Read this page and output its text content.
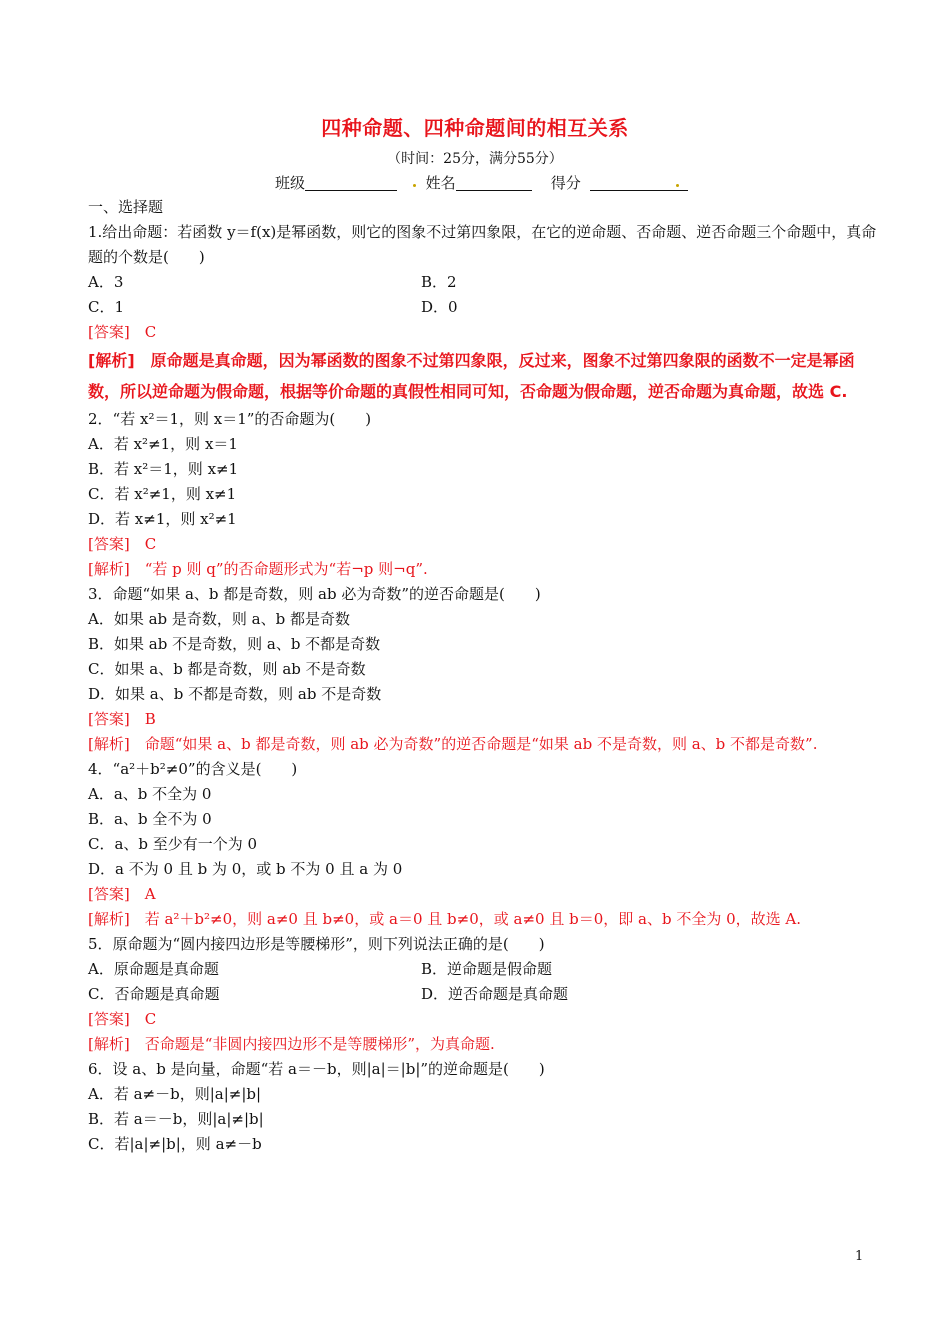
四种命题、四种命题间的相互关系
（时间：25分，满分55分）
班级	姓名	得分
一、选择题
1.给出命题：若函数 y＝f(x)是幂函数，则它的图象不过第四象限，在它的逆命题、否命题、逆否命题三个命题中，真命题的个数是(　　)
A．3	B．2
C．1	D．0
[答案]　C
[解析]　原命题是真命题，因为幂函数的图象不过第四象限，反过来，图象不过第四象限的函数不一定是幂函数，所以逆命题为假命题，根据等价命题的真假性相同可知，否命题为假命题，逆否命题为真命题，故选 C.
2．“若 x²＝1，则 x＝1”的否命题为(　　)
A．若 x²≠1，则 x＝1
B．若 x²＝1，则 x≠1
C．若 x²≠1，则 x≠1
D．若 x≠1，则 x²≠1
[答案]　C
[解析]　“若 p 则 q”的否命题形式为“若¬p 则¬q”.
3．命题“如果 a、b 都是奇数，则 ab 必为奇数”的逆否命题是(　　)
A．如果 ab 是奇数，则 a、b 都是奇数
B．如果 ab 不是奇数，则 a、b 不都是奇数
C．如果 a、b 都是奇数，则 ab 不是奇数
D．如果 a、b 不都是奇数，则 ab 不是奇数
[答案]　B
[解析]　命题“如果 a、b 都是奇数，则 ab 必为奇数”的逆否命题是“如果 ab 不是奇数，则 a、b 不都是奇数”.
4．“a²＋b²≠0”的含义是(　　)
A．a、b 不全为 0
B．a、b 全不为 0
C．a、b 至少有一个为 0
D．a 不为 0 且 b 为 0，或 b 不为 0 且 a 为 0
[答案]　A
[解析]　若 a²＋b²≠0，则 a≠0 且 b≠0，或 a＝0 且 b≠0，或 a≠0 且 b＝0，即 a、b 不全为 0，故选 A.
5．原命题为“圆内接四边形是等腰梯形”，则下列说法正确的是(　　)
A．原命题是真命题	B．逆命题是假命题
C．否命题是真命题	D．逆否命题是真命题
[答案]　C
[解析]　否命题是“非圆内接四边形不是等腰梯形”，为真命题.
6．设 a、b 是向量，命题“若 a＝－b，则|a|＝|b|”的逆命题是(　　)
A．若 a≠－b，则|a|≠|b|
B．若 a＝－b，则|a|≠|b|
C．若|a|≠|b|，则 a≠－b
1
